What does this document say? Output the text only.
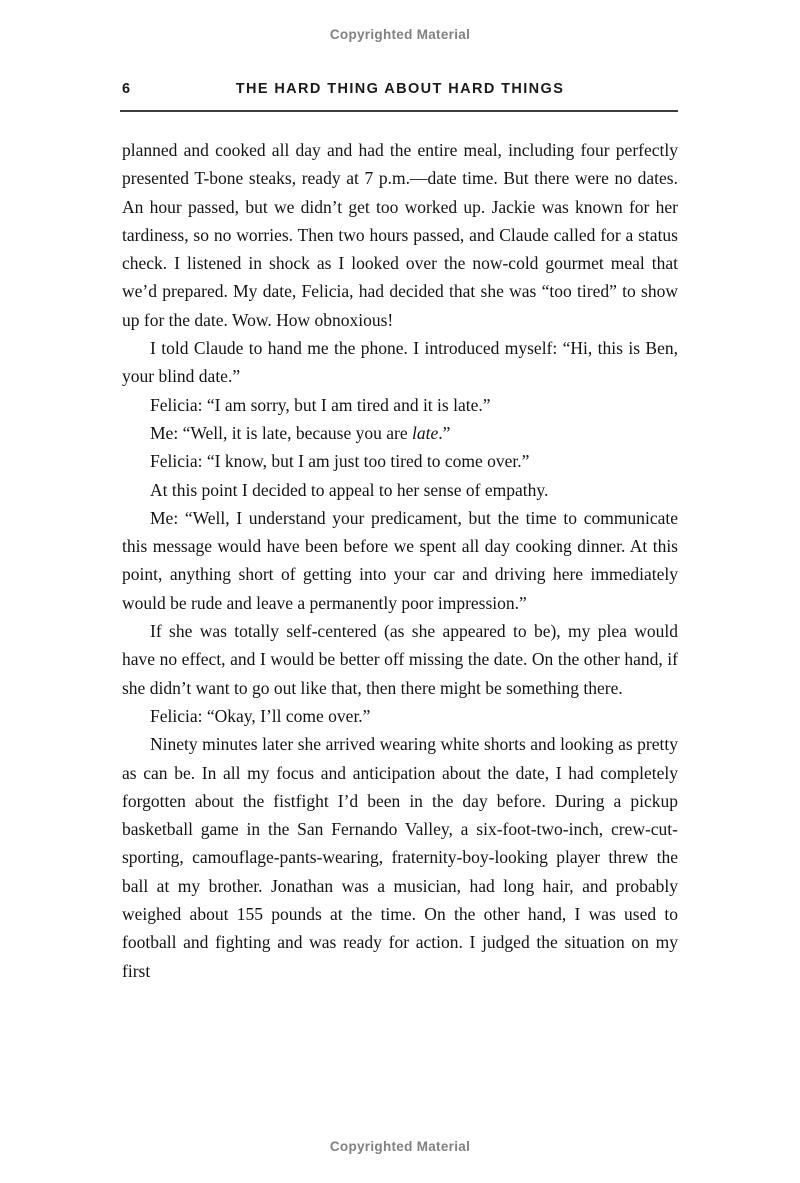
Copyrighted Material
6	THE HARD THING ABOUT HARD THINGS

planned and cooked all day and had the entire meal, including four perfectly presented T-bone steaks, ready at 7 p.m.—date time. But there were no dates. An hour passed, but we didn’t get too worked up. Jackie was known for her tardiness, so no worries. Then two hours passed, and Claude called for a status check. I listened in shock as I looked over the now-cold gourmet meal that we’d prepared. My date, Felicia, had decided that she was “too tired” to show up for the date. Wow. How obnoxious!

I told Claude to hand me the phone. I introduced myself: “Hi, this is Ben, your blind date.”

Felicia: “I am sorry, but I am tired and it is late.”

Me: “Well, it is late, because you are late.”

Felicia: “I know, but I am just too tired to come over.”

At this point I decided to appeal to her sense of empathy.

Me: “Well, I understand your predicament, but the time to communicate this message would have been before we spent all day cooking dinner. At this point, anything short of getting into your car and driving here immediately would be rude and leave a permanently poor impression.”

If she was totally self-centered (as she appeared to be), my plea would have no effect, and I would be better off missing the date. On the other hand, if she didn’t want to go out like that, then there might be something there.

Felicia: “Okay, I’ll come over.”

Ninety minutes later she arrived wearing white shorts and looking as pretty as can be. In all my focus and anticipation about the date, I had completely forgotten about the fistfight I’d been in the day before. During a pickup basketball game in the San Fernando Valley, a six-foot-two-inch, crew-cut-sporting, camouflage-pants-wearing, fraternity-boy-looking player threw the ball at my brother. Jonathan was a musician, had long hair, and probably weighed about 155 pounds at the time. On the other hand, I was used to football and fighting and was ready for action. I judged the situation on my first

Copyrighted Material
